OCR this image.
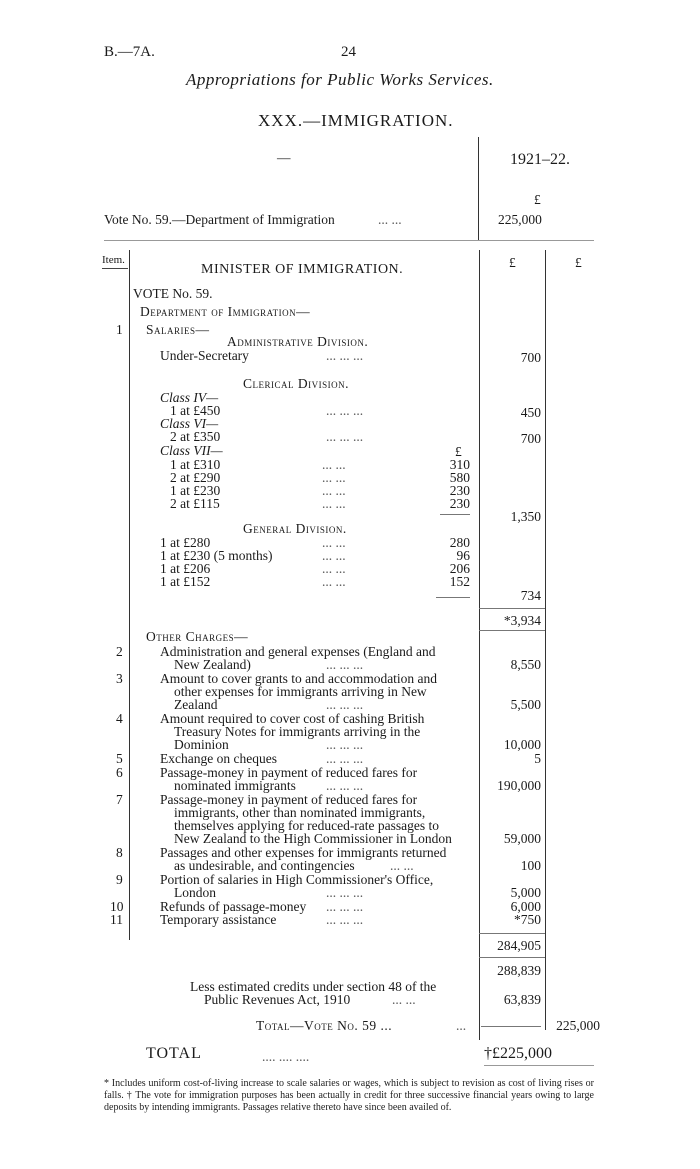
B.—7A.	24
Appropriations for Public Works Services.
XXX.—IMMIGRATION.
—	1921–22.
£
Vote No. 59.—Department of Immigration	... ...	225,000
Item.	£	£
MINISTER OF IMMIGRATION.
VOTE No. 59.
Department of Immigration—
1 Salaries—
Administrative Division.
Under-Secretary	... ... ...	700
Clerical Division.
Class IV—
1 at £450	... ... ...	450
Class VI—
2 at £350	... ... ...	700
Class VII—	£
1 at £310	... ...	310
2 at £290	... ...	580
1 at £230	... ...	230
2 at £115	... ...	230
1,350
General Division.
1 at £280	... ...	280
1 at £230 (5 months)	... ...	96
1 at £206	... ...	206
1 at £152	... ...	152
734
*3,934
Other Charges—
2	Administration and general expenses (England and
New Zealand)	... ... ...	8,550
3	Amount to cover grants to and accommodation and
other expenses for immigrants arriving in New
Zealand	... ... ...	5,500
4	Amount required to cover cost of cashing British
Treasury Notes for immigrants arriving in the
Dominion	... ... ...	10,000
5	Exchange on cheques	... ... ...	5
6	Passage-money in payment of reduced fares for
nominated immigrants ... ... ...	190,000
7	Passage-money in payment of reduced fares for
immigrants, other than nominated immigrants,
themselves applying for reduced-rate passages to
New Zealand to the High Commissioner in London	59,000
8	Passages and other expenses for immigrants returned
as undesirable, and contingencies	... ...	100
9	Portion of salaries in High Commissioner's Office,
London	... ... ...	5,000
10	Refunds of passage-money ... ... ...	6,000
11	Temporary assistance	... ... ...	*750
284,905
288,839
Less estimated credits under section 48 of the
Public Revenues Act, 1910	... ...	63,839
Total—Vote No. 59 ...	...	225,000
TOTAL	.... .... ....	†£225,000
* Includes uniform cost-of-living increase to scale salaries or wages, which is subject to revision as cost of living rises or falls. † The vote for immigration purposes has been actually in credit for three successive financial years owing to large deposits by intending immigrants. Passages relative thereto have since been availed of.
